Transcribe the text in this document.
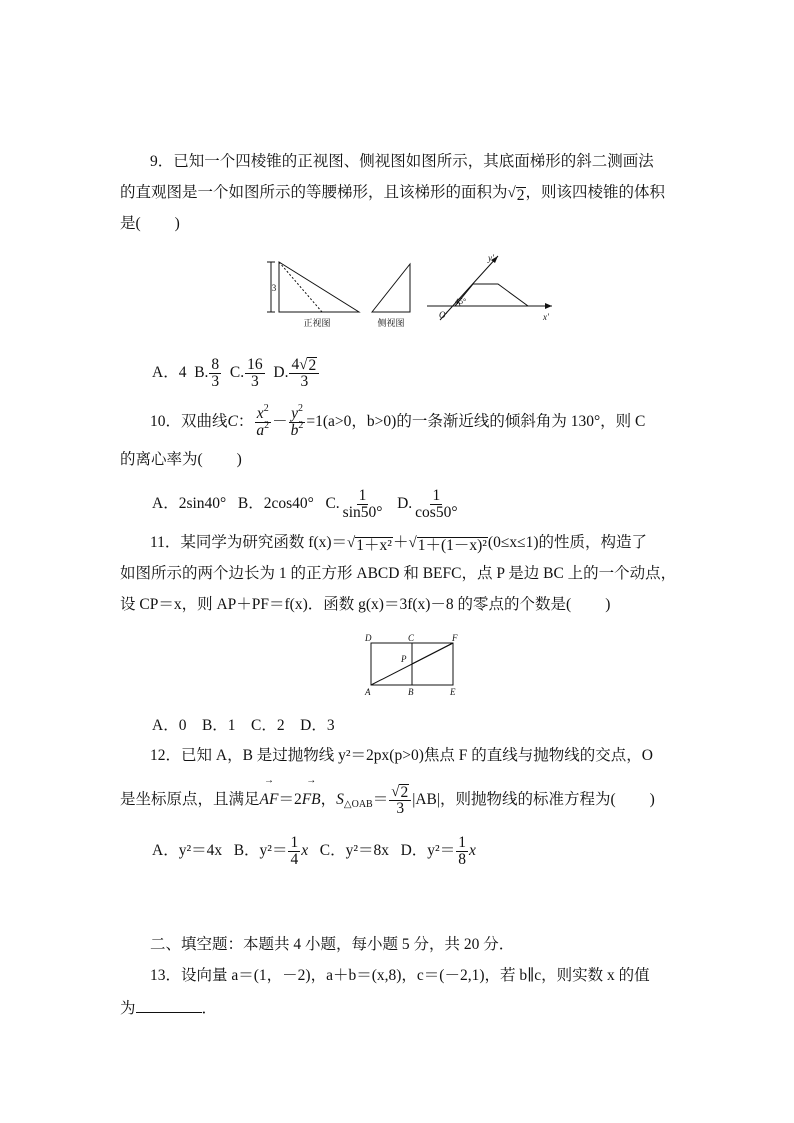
9．已知一个四棱锥的正视图、侧视图如图所示，其底面梯形的斜二测画法
的直观图是一个如图所示的等腰梯形，且该梯形的面积为 √ 2 ，则该四棱锥的体积
是( )
3
正视图	侧视图
45°
y′
x′
O′
A．4 B. $\frac{8}{3} C$. $\frac{16}{3} D$. $\frac{4 √ 2}{3}$
10．双曲线C： $\frac{x^2}{a^2} - \frac{y^2}{b^2} =1(a>0$，b>0)的一条渐近线的倾斜角为 130°，则 C
的离心率为( )
A．2sin40° B．2cos40° C. $\frac{1}{\sin 50^\circ} D$. $\frac{1}{\cos 50^\circ}$
11．某同学为研究函数 f(x)＝ √ 1＋x² ＋ √ 1＋(1－x)² (0≤x≤1)的性质，构造了
如图所示的两个边长为 1 的正方形 ABCD 和 BEFC，点 P 是边 BC 上的一个动点，
设 CP＝x，则 AP＋PF＝f(x)．函数 g(x)＝3f(x)－8 的零点的个数是( )
D	C	F
P
A	B	E
A．0　B．1　C．2　D．3
12．已知 A，B 是过抛物线 y²＝2px(p>0)焦点 F 的直线与抛物线的交点，O
是坐标原点，且满足
→
AF＝2
→
FB，$S_{\triangle OAB}= \frac{√ 2}{3} |AB|$，则抛物线的标准方程为( )
A．y²＝4x B．$y^2= \frac{1}{4}$ x C．y²＝8x D．$y^2= \frac{1}{8}$ x
二、填空题：本题共 4 小题，每小题 5 分，共 20 分．
13．设向量 a＝(1，－2)，a＋b＝(x,8)，c＝(－2,1)，若 b∥c，则实数 x 的值
为	．
